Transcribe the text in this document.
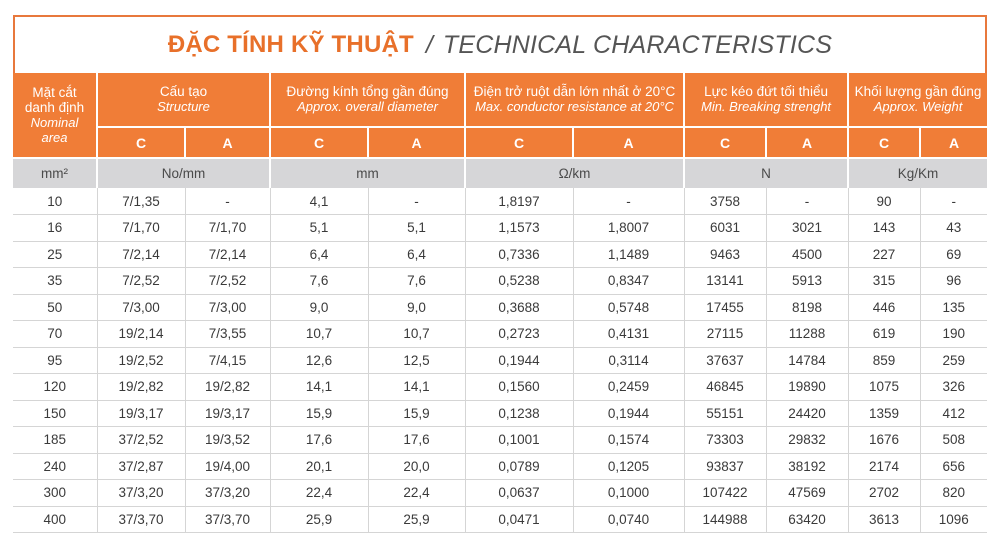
ĐẶC TÍNH KỸ THUẬT / TECHNICAL CHARACTERISTICS
Mặt cắt
danh định
Nominal
area	Cấu tạo
Structure		Đường kính tổng gần đúng
Approx. overall diameter		Điện trở ruột dẫn lớn nhất ở 20°C
Max. conductor resistance at 20°C		Lực kéo đứt tối thiểu
Min. Breaking strenght		Khối lượng gần đúng
Approx. Weight	

	C	A	C	A	C	A	C	A	C	A
mm²	No/mm		mm		Ω/km		N		Kg/Km	
10	7/1,35	-	4,1	-	1,8197	-	3758	-	90	-
16	7/1,70	7/1,70	5,1	5,1	1,1573	1,8007	6031	3021	143	43
25	7/2,14	7/2,14	6,4	6,4	0,7336	1,1489	9463	4500	227	69
35	7/2,52	7/2,52	7,6	7,6	0,5238	0,8347	13141	5913	315	96
50	7/3,00	7/3,00	9,0	9,0	0,3688	0,5748	17455	8198	446	135
70	19/2,14	7/3,55	10,7	10,7	0,2723	0,4131	27115	11288	619	190
95	19/2,52	7/4,15	12,6	12,5	0,1944	0,3114	37637	14784	859	259
120	19/2,82	19/2,82	14,1	14,1	0,1560	0,2459	46845	19890	1075	326
150	19/3,17	19/3,17	15,9	15,9	0,1238	0,1944	55151	24420	1359	412
185	37/2,52	19/3,52	17,6	17,6	0,1001	0,1574	73303	29832	1676	508
240	37/2,87	19/4,00	20,1	20,0	0,0789	0,1205	93837	38192	2174	656
300	37/3,20	37/3,20	22,4	22,4	0,0637	0,1000	107422	47569	2702	820
400	37/3,70	37/3,70	25,9	25,9	0,0471	0,0740	144988	63420	3613	1096
